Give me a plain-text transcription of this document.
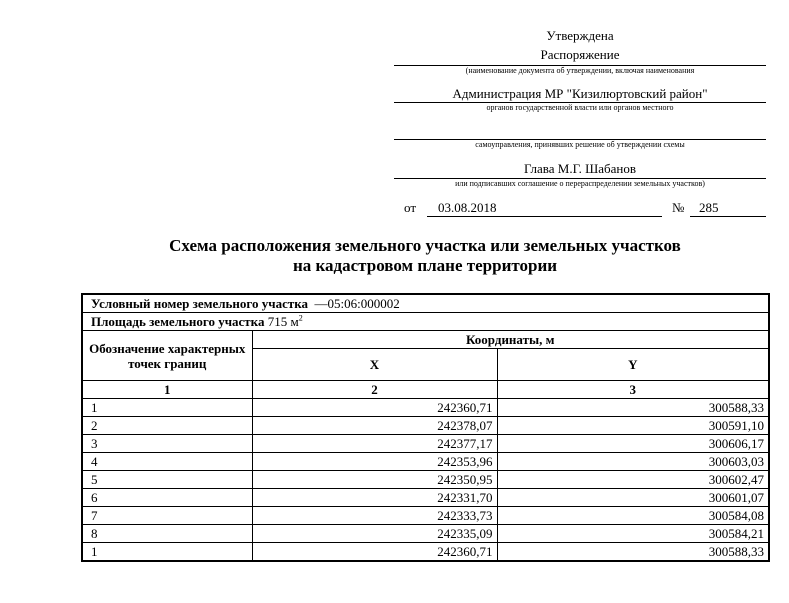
Утверждена
Распоряжение
(наименование документа об утверждении, включая наименования
Администрация МР "Кизилюртовский район"
органов государственной власти или органов местного
самоуправления, принявших решение об утверждении схемы
Глава М.Г. Шабанов
или подписавших соглашение о перераспределении земельных участков)
от 03.08.2018	№ 285
Схема расположения земельного участка или земельных участков
на кадастровом плане территории
Условный номер земельного участка —05:06:000002		
Площадь земельного участка 715 $м^2$
Обозначение характерных точек границ	Координаты, м	
	X	Y
1	2	3
1	242360,71	300588,33
2	242378,07	300591,10
3	242377,17	300606,17
4	242353,96	300603,03
5	242350,95	300602,47
6	242331,70	300601,07
7	242333,73	300584,08
8	242335,09	300584,21
1	242360,71	300588,33
